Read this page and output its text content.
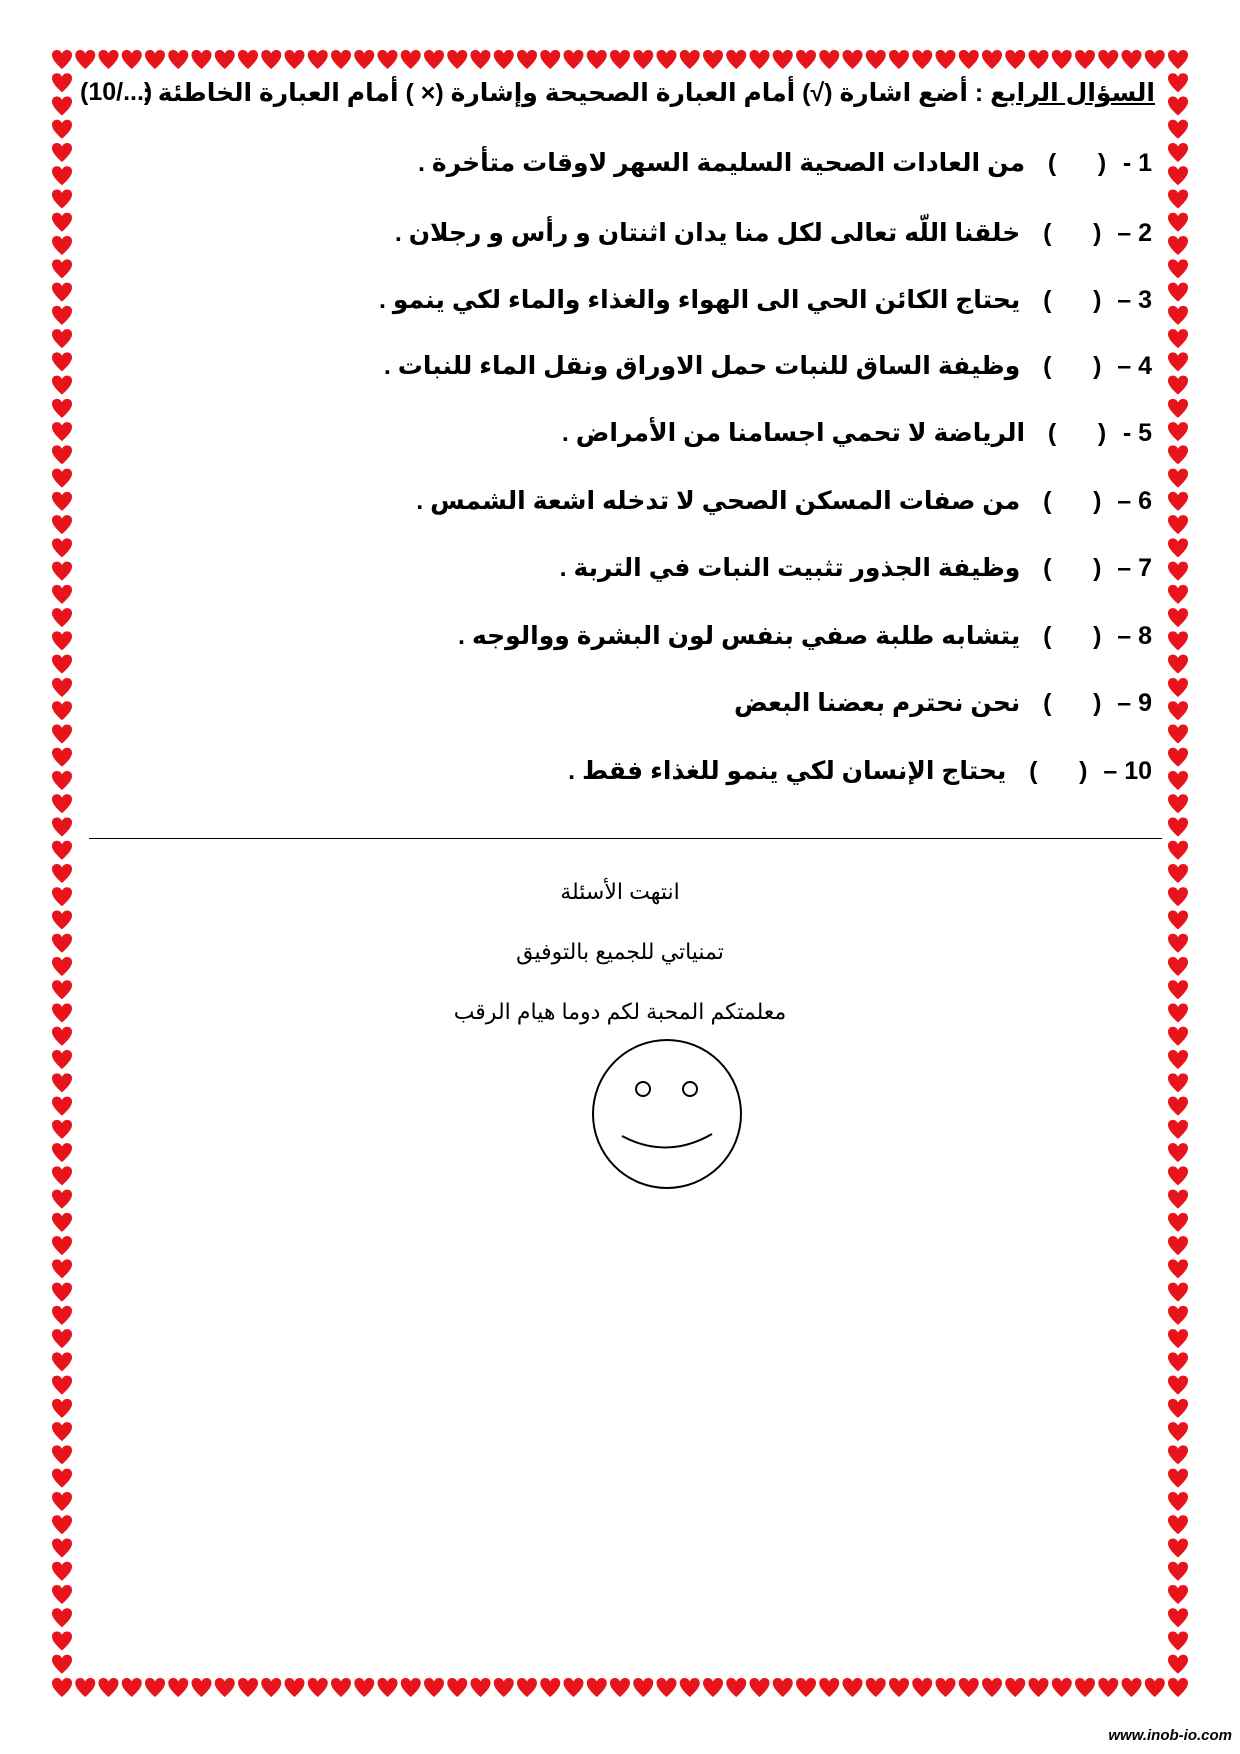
السؤال الرابع : أضع اشارة (√) أمام العبارة الصحيحة وإشارة (× ) أمام العبارة الخاطئة :
(10/...)
1 -(      ) من العادات الصحية السليمة السهر لاوقات متأخرة .
2 –(      ) خلقنا اللّه تعالى لكل منا يدان اثنتان و رأس و رجلان .
3 –(      ) يحتاج الكائن الحي الى الهواء والغذاء والماء لكي ينمو .
4 –(      ) وظيفة الساق للنبات حمل الاوراق ونقل الماء للنبات .
5 -(      ) الرياضة لا تحمي اجسامنا من الأمراض .
6 –(      ) من صفات المسكن الصحي لا تدخله اشعة الشمس .
7 –(      ) وظيفة الجذور تثبيت النبات في التربة .
8 –(      ) يتشابه طلبة صفي بنفس لون البشرة ووالوجه .
9 –(      ) نحن نحترم بعضنا البعض
10 –(      ) يحتاج الإنسان لكي ينمو للغذاء فقط .
انتهت الأسئلة
تمنياتي للجميع بالتوفيق
معلمتكم المحبة لكم دوما هيام الرقب
www.inob-io.com
